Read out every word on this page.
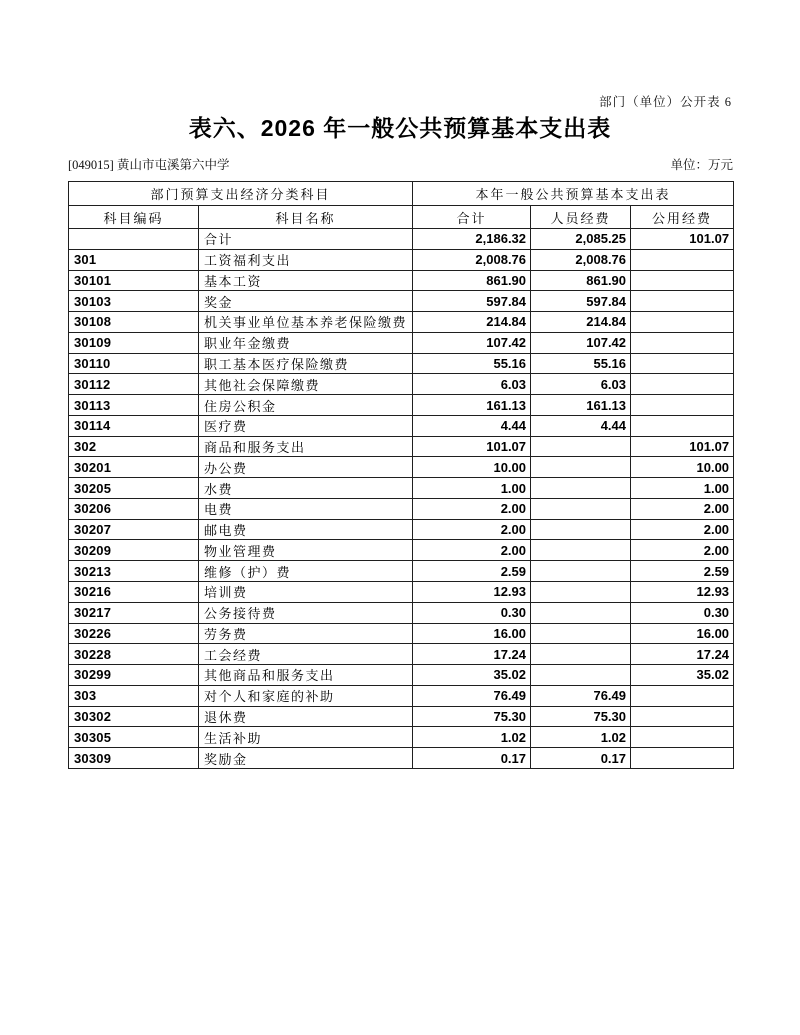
部门（单位）公开表 6
表六、2026 年一般公共预算基本支出表
[049015] 黄山市屯溪第六中学	单位：万元
部门预算支出经济分类科目		本年一般公共预算基本支出表		
科目编码	科目名称	合计	人员经费	公用经费
	合计	2,186.32	2,085.25	101.07
301	工资福利支出	2,008.76	2,008.76	
30101	基本工资	861.90	861.90	
30103	奖金	597.84	597.84	
30108	机关事业单位基本养老保险缴费	214.84	214.84	
30109	职业年金缴费	107.42	107.42	
30110	职工基本医疗保险缴费	55.16	55.16	
30112	其他社会保障缴费	6.03	6.03	
30113	住房公积金	161.13	161.13	
30114	医疗费	4.44	4.44	
302	商品和服务支出	101.07		101.07
30201	办公费	10.00		10.00
30205	水费	1.00		1.00
30206	电费	2.00		2.00
30207	邮电费	2.00		2.00
30209	物业管理费	2.00		2.00
30213	维修（护）费	2.59		2.59
30216	培训费	12.93		12.93
30217	公务接待费	0.30		0.30
30226	劳务费	16.00		16.00
30228	工会经费	17.24		17.24
30299	其他商品和服务支出	35.02		35.02
303	对个人和家庭的补助	76.49	76.49	
30302	退休费	75.30	75.30	
30305	生活补助	1.02	1.02	
30309	奖励金	0.17	0.17	
